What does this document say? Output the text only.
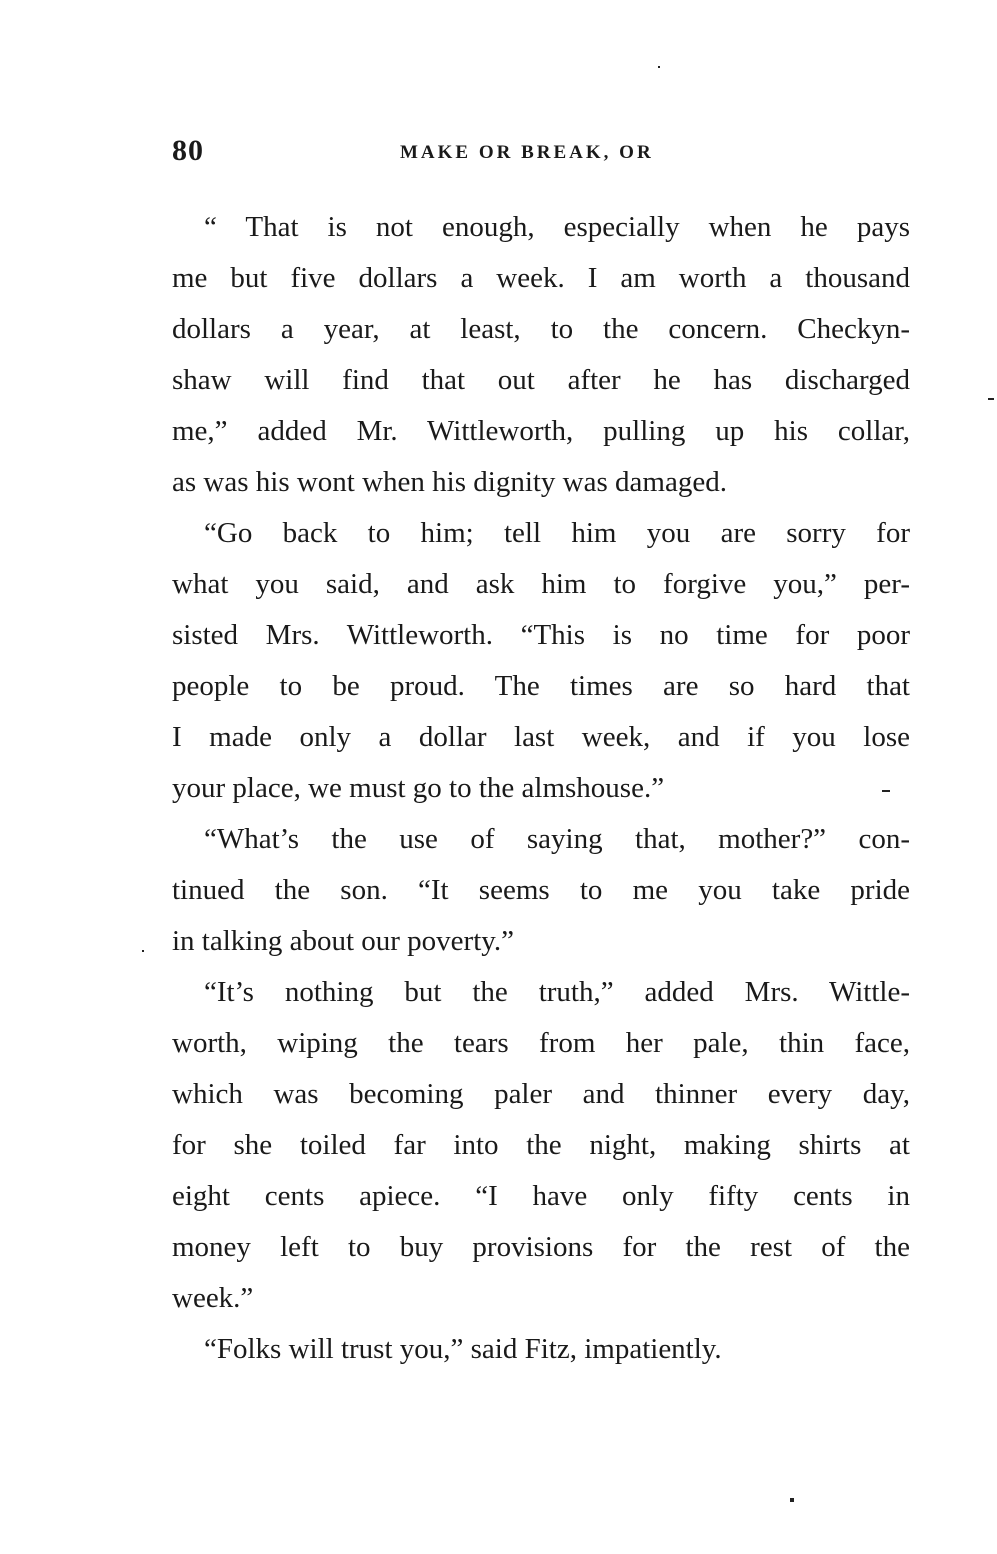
80	MAKE OR BREAK, OR
“ That is not enough, especially when he pays
me but five dollars a week. I am worth a thousand
dollars a year, at least, to the concern. Checkyn-
shaw will find that out after he has discharged
me,” added Mr. Wittleworth, pulling up his collar,
as was his wont when his dignity was damaged.
“Go back to him; tell him you are sorry for
what you said, and ask him to forgive you,” per-
sisted Mrs. Wittleworth. “This is no time for poor
people to be proud. The times are so hard that
I made only a dollar last week, and if you lose
your place, we must go to the almshouse.”
“What’s the use of saying that, mother?” con-
tinued the son. “It seems to me you take pride
in talking about our poverty.”
“It’s nothing but the truth,” added Mrs. Wittle-
worth, wiping the tears from her pale, thin face,
which was becoming paler and thinner every day,
for she toiled far into the night, making shirts at
eight cents apiece. “I have only fifty cents in
money left to buy provisions for the rest of the
week.”
“Folks will trust you,” said Fitz, impatiently.
